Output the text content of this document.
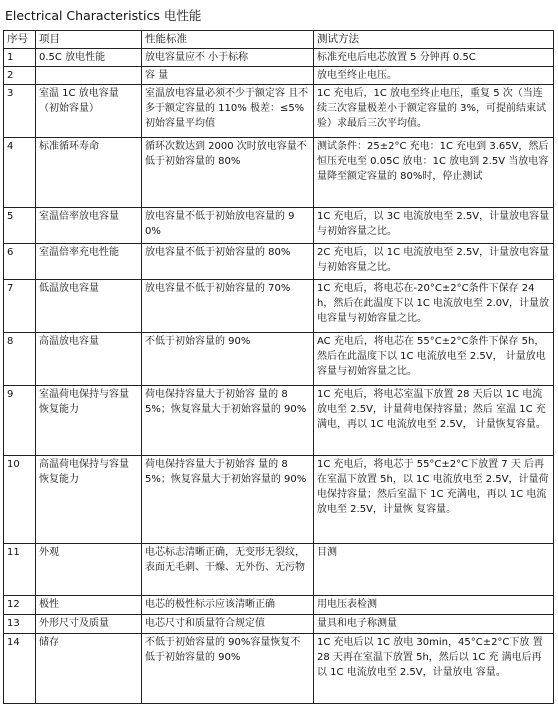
Electrical Characteristics 电性能
序号	项目	性能标准	测试方法
1	0.5C 放电性能	放电容量应不 小于标称	标准充电后电芯放置 5 分钟再 0.5C
2		容 量	放电至终止电压。
3	室温 1C 放电容量（初始容量）	室温放电容量必须不少于额定容 且不多于额定容量的 110% 极差：≤5%初始容量平均值	1C 充电后，1C 放电至终止电压，重复 5 次（当连续三次容量极差小于额定容量的 3%，可提前结束试验）求最后三次平均值。
4	标准循环寿命	循环次数达到 2000 次时放电容量不低于初始容量的 80%	测试条件：25±2°C 充电：1C 充电到 3.65V，然后恒压充电至 0.05C 放电：1C 放电到 2.5V 当放电容量降至额定容量的 80%时，停止测试
5	室温倍率放电容量	放电容量不低于初始放电容量的 90%	1C 充电后，以 3C 电流放电至 2.5V，计量放电容量与初始容量之比。
6	室温倍率充电性能	放电容量不低于初始容量的 80%	2C 充电后，以 1C 电流放电至 2.5V，计量放电容量与初始容量之比。
7	低温放电容量	放电容量不低于初始容量的 70%	1C 充电后，将电芯在-20°C±2°C条件下保存 24h，然后在此温度下以 1C 电流放电至 2.0V，计量放电容量与初始容量之比。
8	高温放电容量	不低于初始容量的 90%	AC 充电后，将电芯在 55°C±2°C条件下保存 5h，然后在此温度下以 1C 电流放电至 2.5V， 计量放电容量与初始容量之比。
9	室温荷电保持与容量恢复能力	荷电保持容量大于初始容 量的 85%；恢复容量大于初始容量的 90%	1C 充电后，将电芯室温下放置 28 天后以 1C 电流放电至 2.5V，计量荷电保持容量；然后 室温 1C 充满电，再以 1C 电流放电至 2.5V， 计量恢复容量。
10	高温荷电保持与容量恢复能力	荷电保持容量大于初始容 量的 85%；恢复容量大于初始容量的 90%	1C 充电后，将电芯于 55°C±2°C下放置 7 天 后再在室温下放置 5h，以 1C 电流放电至 2.5V，计量荷电保持容量；然后室温下 1C 充满电，再以 1C 电流放电至 2.5V，计量恢 复容量。
11	外观	电芯标志清晰正确，无变形无裂纹，表面无毛刺、干燥、无外伤、无污物	目测
12	极性	电芯的极性标示应该清晰正确	用电压表检测
13	外形尺寸及质量	电芯尺寸和质量符合规定值	量具和电子称测量
14	储存	不低于初始容量的 90%容量恢复不低于初始容量的 90%	1C 充电后以 1C 放电 30min，45°C±2°C下放 置 28 天再在室温下放置 5h，然后以 1C 充 满电后再以 1C 电流放电至 2.5V，计量放电 容量。
